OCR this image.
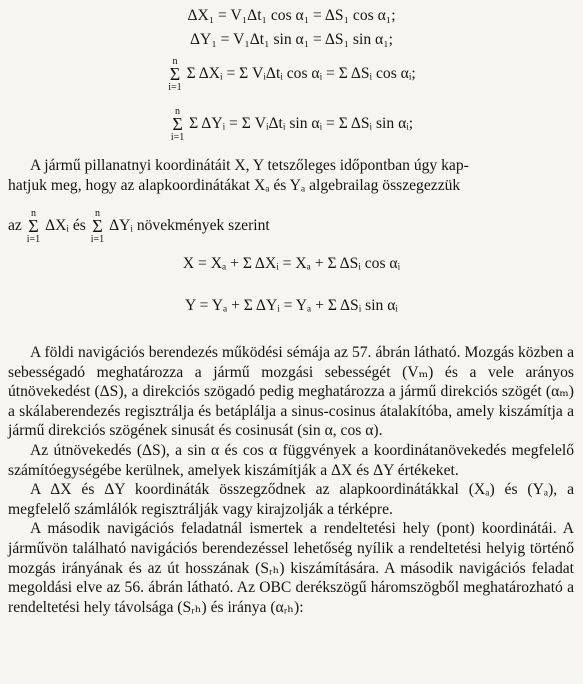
ΔX₁ = V₁Δt₁ cos α₁ = ΔS₁ cos α₁;
ΔY₁ = V₁Δt₁ sin α₁ = ΔS₁ sin α₁;
n
Σ
i=1
Σ ΔXᵢ = Σ VᵢΔtᵢ cos αᵢ = Σ ΔSᵢ cos αᵢ;
n
Σ
i=1
Σ ΔYᵢ = Σ VᵢΔtᵢ sin αᵢ = Σ ΔSᵢ sin αᵢ;

A jármű pillanatnyi koordinátáit X, Y tetszőleges időpontban úgy kap-

hatjuk meg, hogy az alapkoordinátákat Xₐ és Yₐ algebrailag összegezzük

az
n
Σ
i=1
ΔXᵢ és
n
Σ
i=1
ΔYᵢ növekmények szerint
X = Xₐ + Σ ΔXᵢ = Xₐ + Σ ΔSᵢ cos αᵢ
Y = Yₐ + Σ ΔYᵢ = Yₐ + Σ ΔSᵢ sin αᵢ

A földi navigációs berendezés működési sémája az 57. ábrán látható. Mozgás közben a sebességadó meghatározza a jármű mozgási sebességét (Vₘ) és a vele arányos útnövekedést (ΔS), a direkciós szögadó pedig meghatározza a jármű direkciós szögét (αₘ) a skálaberendezés regisztrálja és betáplálja a sinus-cosinus átalakítóba, amely kiszámítja a jármű direkciós szögének sinusát és cosinusát (sin α, cos α).

Az útnövekedés (ΔS), a sin α és cos α függvények a koordinátanövekedés megfelelő számítóegységébe kerülnek, amelyek kiszámítják a ΔX és ΔY értékeket.

A ΔX és ΔY koordináták összegződnek az alapkoordinátákkal (Xₐ) és (Yₐ), a megfelelő számlálók regisztrálják vagy kirajzolják a térképre.

A második navigációs feladatnál ismertek a rendeltetési hely (pont) koordinátái. A járművön található navigációs berendezéssel lehetőség nyílik a rendeltetési helyig történő mozgás irányának és az út hosszának (Sᵣₕ) kiszámítására. A második navigációs feladat megoldási elve az 56. ábrán látható. Az OBC derékszögű háromszögből meghatározható a rendeltetési hely távolsága (Sᵣₕ) és iránya (αᵣₕ):
